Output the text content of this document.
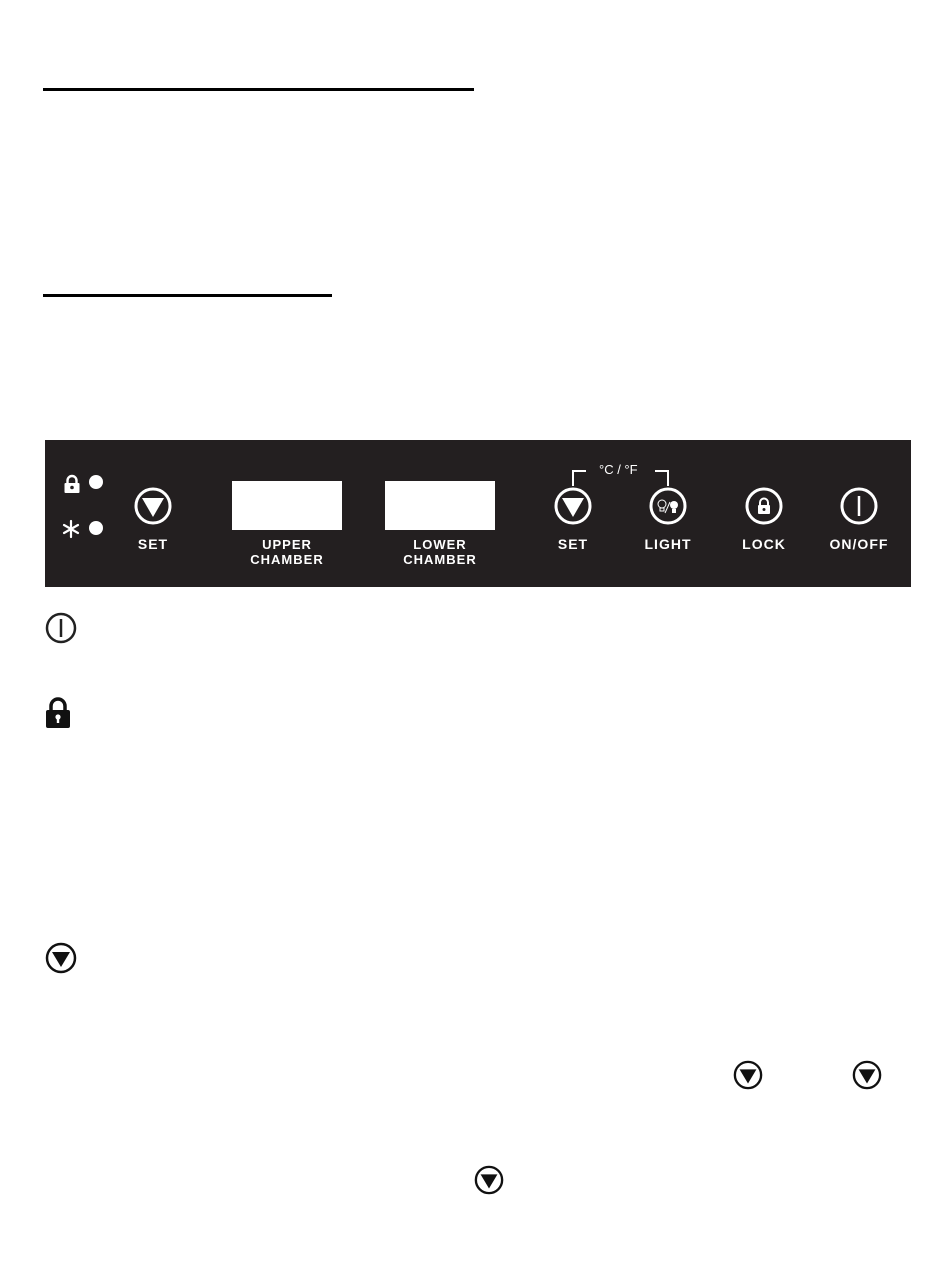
SET	UPPER
CHAMBER
LOWER
CHAMBER
°C / °F
SET	LIGHT	LOCK	ON/OFF
